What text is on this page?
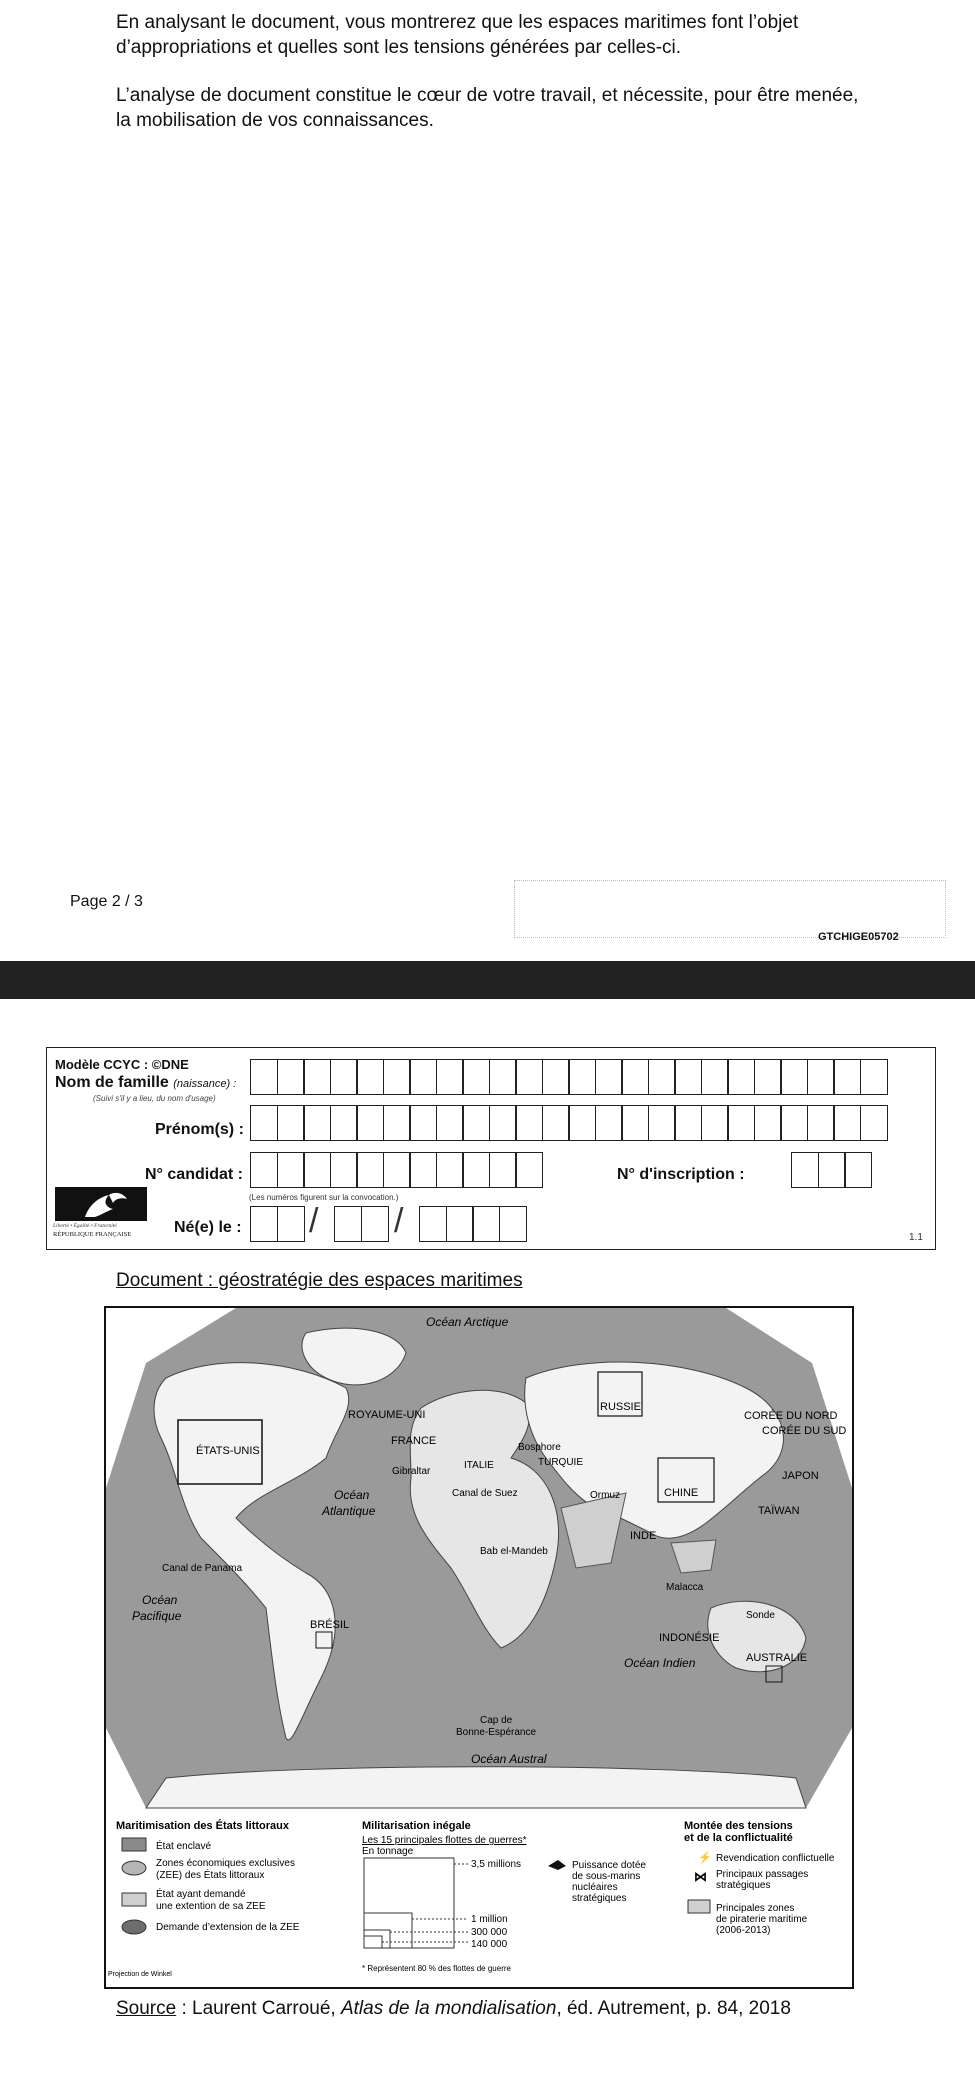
En analysant le document, vous montrerez que les espaces maritimes font l’objet d’appropriations et quelles sont les tensions générées par celles-ci.
L’analyse de document constitue le cœur de votre travail, et nécessite, pour être menée, la mobilisation de vos connaissances.
Page 2 / 3
GTCHIGE05702
Modèle CCYC : ©DNE
Nom de famille (naissance) :
(Suivi s'il y a lieu, du nom d'usage)
Prénom(s) :
N° candidat :
(Les numéros figurent sur la convocation.)
N° d'inscription :
Liberté • Égalité • Fraternité
RÉPUBLIQUE FRANÇAISE	Né(e) le : / /	1.1
Document : géostratégie des espaces maritimes
Océan Arctique
Océan
Atlantique
Océan
Pacifique
Océan Indien
Océan Austral
ÉTATS-UNIS
ROYAUME-UNI
FRANCE
ITALIE	TURQUIE
RUSSIE
CHINE
INDE
JAPON
TAÏWAN
CORÉE DU NORD
CORÉE DU SUD
BRÉSIL
INDONÉSIE
AUSTRALIE
Gibraltar
Bosphore
Canal de Suez	Ormuz
Bab el-Mandeb
Malacca
Sonde
Canal de Panama
Cap de
Bonne-Espérance
Maritimisation des États littoraux
État enclavé
Zones économiques exclusives
(ZEE) des États littoraux
État ayant demandé
une extention de sa ZEE
Demande d’extension de la ZEE
Projection de Winkel
Militarisation inégale
Les 15 principales flottes de guerres*
En tonnage
3,5 millions
1 million
300 000
140 000
* Représentent 80 % des flottes de guerre
Puissance dotée
de sous-marins
nucléaires
stratégiques
Montée des tensions
et de la conflictualité
⚡ Revendication conflictuelle
⋈ Principaux passages
stratégiques
Principales zones
de piraterie maritime
(2006-2013)
Source : Laurent Carroué, Atlas de la mondialisation, éd. Autrement, p. 84, 2018
